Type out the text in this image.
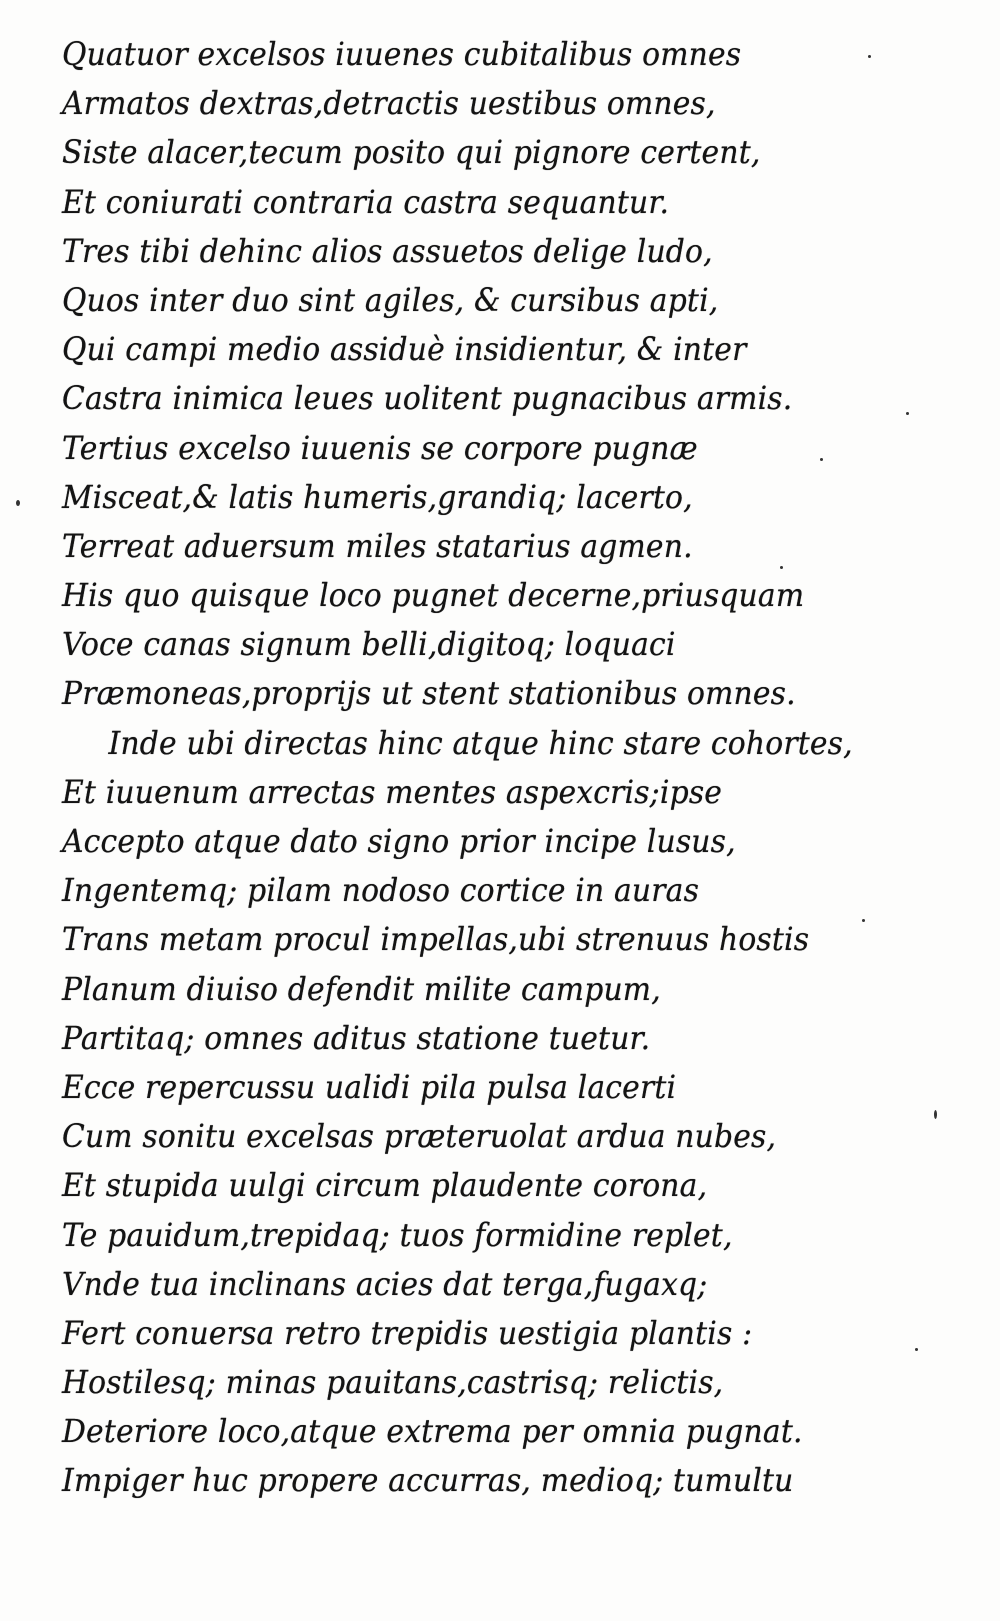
Quatuor excelsos iuuenes cubitalibus omnes
Armatos dextras,detractis uestibus omnes,
Siste alacer,tecum posito qui pignore certent,
Et coniurati contraria castra sequantur.
Tres tibi dehinc alios assuetos delige ludo,
Quos inter duo sint agiles, & cursibus apti,
Qui campi medio assiduè insidientur, & inter
Castra inimica leues uolitent pugnacibus armis.
Tertius excelso iuuenis se corpore pugnæ
Misceat,& latis humeris,grandiq; lacerto,
Terreat aduersum miles statarius agmen.
His quo quisque loco pugnet decerne,priusquam
Voce canas signum belli,digitoq; loquaci
Præmoneas,proprijs ut stent stationibus omnes.
Inde ubi directas hinc atque hinc stare cohortes,
Et iuuenum arrectas mentes aspexcris;ipse
Accepto atque dato signo prior incipe lusus,
Ingentemq; pilam nodoso cortice in auras
Trans metam procul impellas,ubi strenuus hostis
Planum diuiso defendit milite campum,
Partitaq; omnes aditus statione tuetur.
Ecce repercussu ualidi pila pulsa lacerti
Cum sonitu excelsas præteruolat ardua nubes,
Et stupida uulgi circum plaudente corona,
Te pauidum,trepidaq; tuos formidine replet,
Vnde tua inclinans acies dat terga,fugaxq;
Fert conuersa retro trepidis uestigia plantis :
Hostilesq; minas pauitans,castrisq; relictis,
Deteriore loco,atque extrema per omnia pugnat.
Impiger huc propere accurras, medioq; tumultu
